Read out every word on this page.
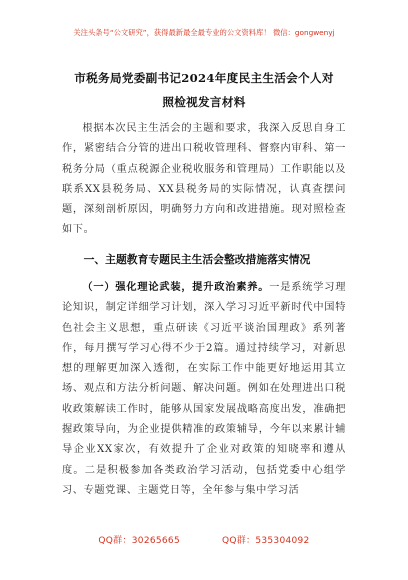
关注头条号“公文研究”，获得最新最全最专业的公文资料库！ 微信：gongwenyj
市税务局党委副书记2024年度民主生活会个人对照检视发言材料
根据本次民主生活会的主题和要求，我深入反思自身工作，紧密结合分管的进出口税收管理科、督察内审科、第一税务分局（重点税源企业税收服务和管理局）工作职能以及联系XX县税务局、XX县税务局的实际情况，认真查摆问题，深刻剖析原因，明确努力方向和改进措施。现对照检查如下。
一、主题教育专题民主生活会整改措施落实情况
（一）强化理论武装，提升政治素养。一是系统学习理论知识，制定详细学习计划，深入学习习近平新时代中国特色社会主义思想，重点研读《习近平谈治国理政》系列著作，每月撰写学习心得不少于2篇。通过持续学习，对新思想的理解更加深入透彻，在实际工作中能更好地运用其立场、观点和方法分析问题、解决问题。例如在处理进出口税收政策解读工作时，能够从国家发展战略高度出发，准确把握政策导向，为企业提供精准的政策辅导，今年以来累计辅导企业XX家次，有效提升了企业对政策的知晓率和遵从度。二是积极参加各类政治学习活动，包括党委中心组学习、专题党课、主题党日等，全年参与集中学习活
QQ群：30265665	QQ群：535304092
